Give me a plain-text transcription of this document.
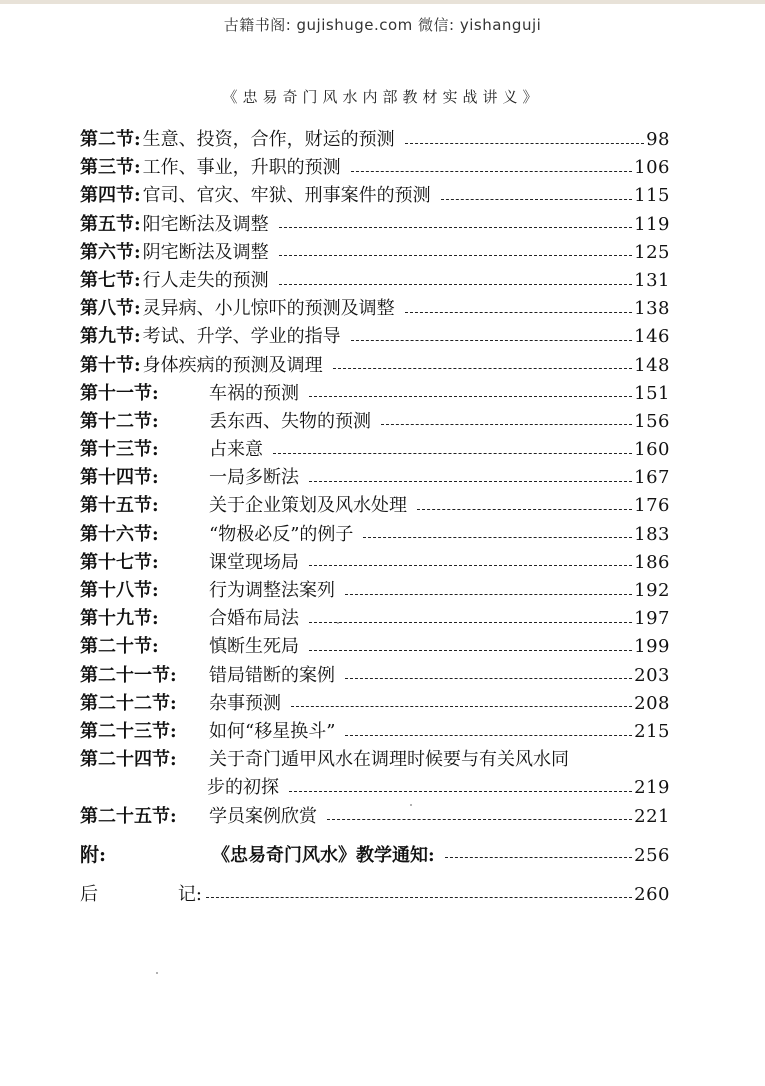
古籍书阁: gujishuge.com 微信: yishanguji
《忠易奇门风水内部教材实战讲义》
第二节: 生意、投资，合作，财运的预测	98
第三节: 工作、事业，升职的预测	106
第四节: 官司、官灾、牢狱、刑事案件的预测	115
第五节: 阳宅断法及调整	119
第六节: 阴宅断法及调整	125
第七节: 行人走失的预测	131
第八节: 灵异病、小儿惊吓的预测及调整	138
第九节: 考试、升学、学业的指导	146
第十节: 身体疾病的预测及调理	148
第十一节:	车祸的预测	151
第十二节:	丢东西、失物的预测	156
第十三节:	占来意	160
第十四节:	一局多断法	167
第十五节:	关于企业策划及风水处理	176
第十六节:	“物极必反”的例子	183
第十七节:	课堂现场局	186
第十八节:	行为调整法案列	192
第十九节:	合婚布局法	197
第二十节:	慎断生死局	199
第二十一节:	错局错断的案例	203
第二十二节:	杂事预测	208
第二十三节:	如何“移星换斗”	215
第二十四节:	关于奇门遁甲风水在调理时候要与有关风水同
步的初探	219
第二十五节:	学员案例欣赏	221
附:	《忠易奇门风水》教学通知:	256
后	记:	260
